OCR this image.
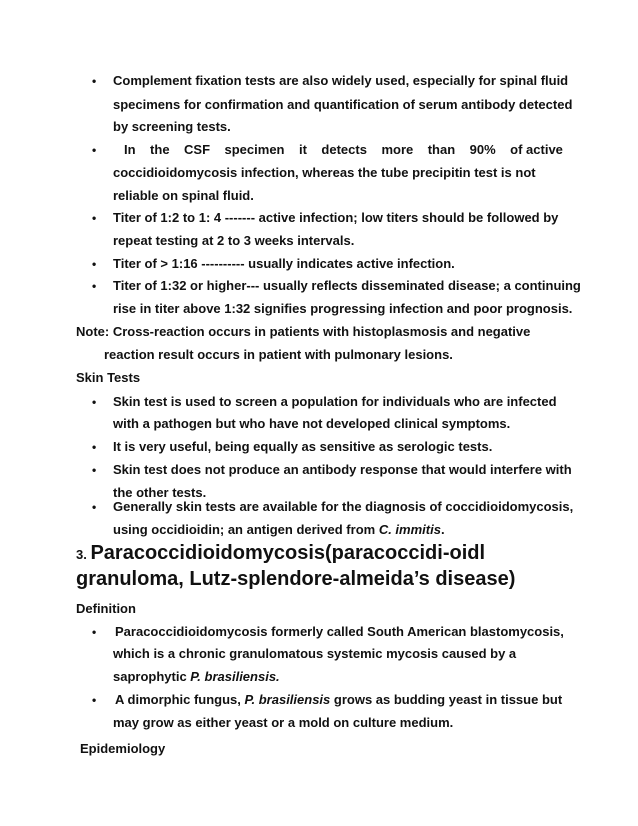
• Complement fixation tests are also widely used, especially for spinal fluid
specimens for confirmation and quantification of serum antibody detected
by screening tests.
• In the CSF specimen it detects more than 90% of active
coccidioidomycosis infection, whereas the tube precipitin test is not
reliable on spinal fluid.
• Titer of 1:2 to 1: 4 ------- active infection; low titers should be followed by
repeat testing at 2 to 3 weeks intervals.
• Titer of > 1:16 ---------- usually indicates active infection.
• Titer of 1:32 or higher--- usually reflects disseminated disease; a continuing
rise in titer above 1:32 signifies progressing infection and poor prognosis.
Note: Cross-reaction occurs in patients with histoplasmosis and negative
reaction result occurs in patient with pulmonary lesions.
Skin Tests
• Skin test is used to screen a population for individuals who are infected
with a pathogen but who have not developed clinical symptoms.
• It is very useful, being equally as sensitive as serologic tests.
• Skin test does not produce an antibody response that would interfere with
the other tests.
• Generally skin tests are available for the diagnosis of coccidioidomycosis,
using occidioidin; an antigen derived from C. immitis.
3. Paracoccidioidomycosis(paracoccidi-oidl
granuloma, Lutz-splendore-almeida’s disease)
Definition
• Paracoccidioidomycosis formerly called South American blastomycosis,
which is a chronic granulomatous systemic mycosis caused by a
saprophytic P. brasiliensis.
• A dimorphic fungus, P. brasiliensis grows as budding yeast in tissue but
may grow as either yeast or a mold on culture medium.
Epidemiology
